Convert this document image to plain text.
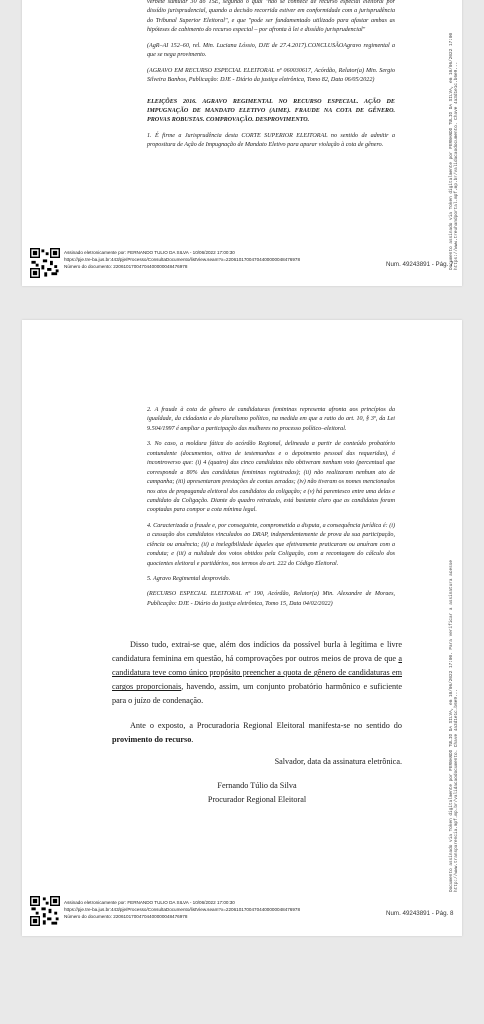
verbete sumular 30 do TSE, segundo o qual "não se conhece de recurso especial eleitoral por dissídio jurisprudencial, quando a decisão recorrida estiver em conformidade com a jurisprudência do Tribunal Superior Eleitoral", e que "pode ser fundamentado utilizado para afastar ambas as hipóteses de cabimento do recurso especial – por afronta à lei e dissídio jurisprudencial"

(AgR–AI 152–60, rel. Min. Luciana Lóssio, DJE de 27.4.2017).CONCLUSÃOAgravo regimental a que se nega provimento.

(AGRAVO EM RECURSO ESPECIAL ELEITORAL nº 060030617, Acórdão, Relator(a) Min. Sergio Silveira Banhos, Publicação: DJE - Diário da justiça eletrônica, Tomo 82, Data 06/05/2022)

ELEIÇÕES 2016. AGRAVO REGIMENTAL NO RECURSO ESPECIAL. AÇÃO DE IMPUGNAÇÃO DE MANDATO ELETIVO (AIME). FRAUDE NA COTA DE GÊNERO. PROVAS ROBUSTAS. COMPROVAÇÃO. DESPROVIMENTO.

1. É firme a Jurisprudência desta CORTE SUPERIOR ELEITORAL no sentido de admitir a propositura de Ação de Impugnação de Mandato Eletivo para apurar violação à cota de gênero.

Documento assinado via Token digitalmente por FERNANDO TULIO DA SILVA, em 10/06/2022 17:00
https://www.treuhandportal.mpf.mp.br/validacaodocumento. Chave 4a3d1e1c.b6e9...
Assinado eletronicamente por: FERNANDO TULIO DA SILVA - 10/06/2022 17:00:30
https://pje.tre-ba.jus.br:443/pje/Processo/ConsultaDocumento/listView.seam?x=22061017004704400000048476978
Número do documento: 22061017004704400000048476978	Num. 49243891 - Pág. 7

2. A fraude à cota de gênero de candidaturas femininas representa afronta aos princípios da igualdade, da cidadania e do pluralismo político, na medida em que a ratio do art. 10, § 3º, da Lei 9.504/1997 é ampliar a participação das mulheres no processo político–eleitoral.

3. No caso, a moldura fática do acórdão Regional, delineada a partir de conteúdo probatório contundente (documentos, oitiva de testemunhas e o depoimento pessoal das requeridas), é incontroverso que: (i) 4 (quatro) das cinco candidatas não obtiveram nenhum voto (percentual que corresponde a 80% das candidatas femininas registradas); (ii) não realizaram nenhum ato de campanha; (iii) apresentaram prestações de contas zeradas; (iv) não tiveram os nomes mencionados nos atos de propaganda eleitoral dos candidatos da coligação; e (v) há parentesco entre uma delas e candidato da Coligação. Diante do quadro retratado, está bastante claro que as candidatas foram cooptadas para compor a cota mínima legal.

4. Caracterizada a fraude e, por conseguinte, comprometida a disputa, a consequência jurídica é: (i) a cassação dos candidatos vinculados ao DRAP, independentemente de prova da sua participação, ciência ou anuência; (ii) a inelegibilidade àqueles que efetivamente praticaram ou anuíram com a conduta; e (iii) a nulidade dos votos obtidos pela Coligação, com a recontagem do cálculo dos quocientes eleitoral e partidários, nos termos do art. 222 do Código Eleitoral.

5. Agravo Regimental desprovido.

(RECURSO ESPECIAL ELEITORAL nº 190, Acórdão, Relator(a) Min. Alexandre de Moraes, Publicação: DJE - Diário da justiça eletrônica, Tomo 15, Data 04/02/2022)

Disso tudo, extrai-se que, além dos indícios da possível burla à legítima e livre candidatura feminina em questão, há comprovações por outros meios de prova de que a candidatura teve como único propósito preencher a quota de gênero de candidaturas em cargos proporcionais, havendo, assim, um conjunto probatório harmônico e suficiente para o juízo de condenação.

Ante o exposto, a Procuradoria Regional Eleitoral manifesta-se no sentido do provimento do recurso.

Salvador, data da assinatura eletrônica.

Fernando Túlio da Silva
Procurador Regional Eleitoral
Documento assinado via Token digitalmente por FERNANDO TULIO DA SILVA, em 10/06/2022 17:00. Para verificar a assinatura acesse
http://www.transparencia.mpf.mp.br/validacaodocumento. Chave 4a3d1e1c.b6e9...
Assinado eletronicamente por: FERNANDO TULIO DA SILVA - 10/06/2022 17:00:30
https://pje.tre-ba.jus.br:443/pje/Processo/ConsultaDocumento/listView.seam?x=22061017004704400000048476978
Número do documento: 22061017004704400000048476978	Num. 49243891 - Pág. 8
